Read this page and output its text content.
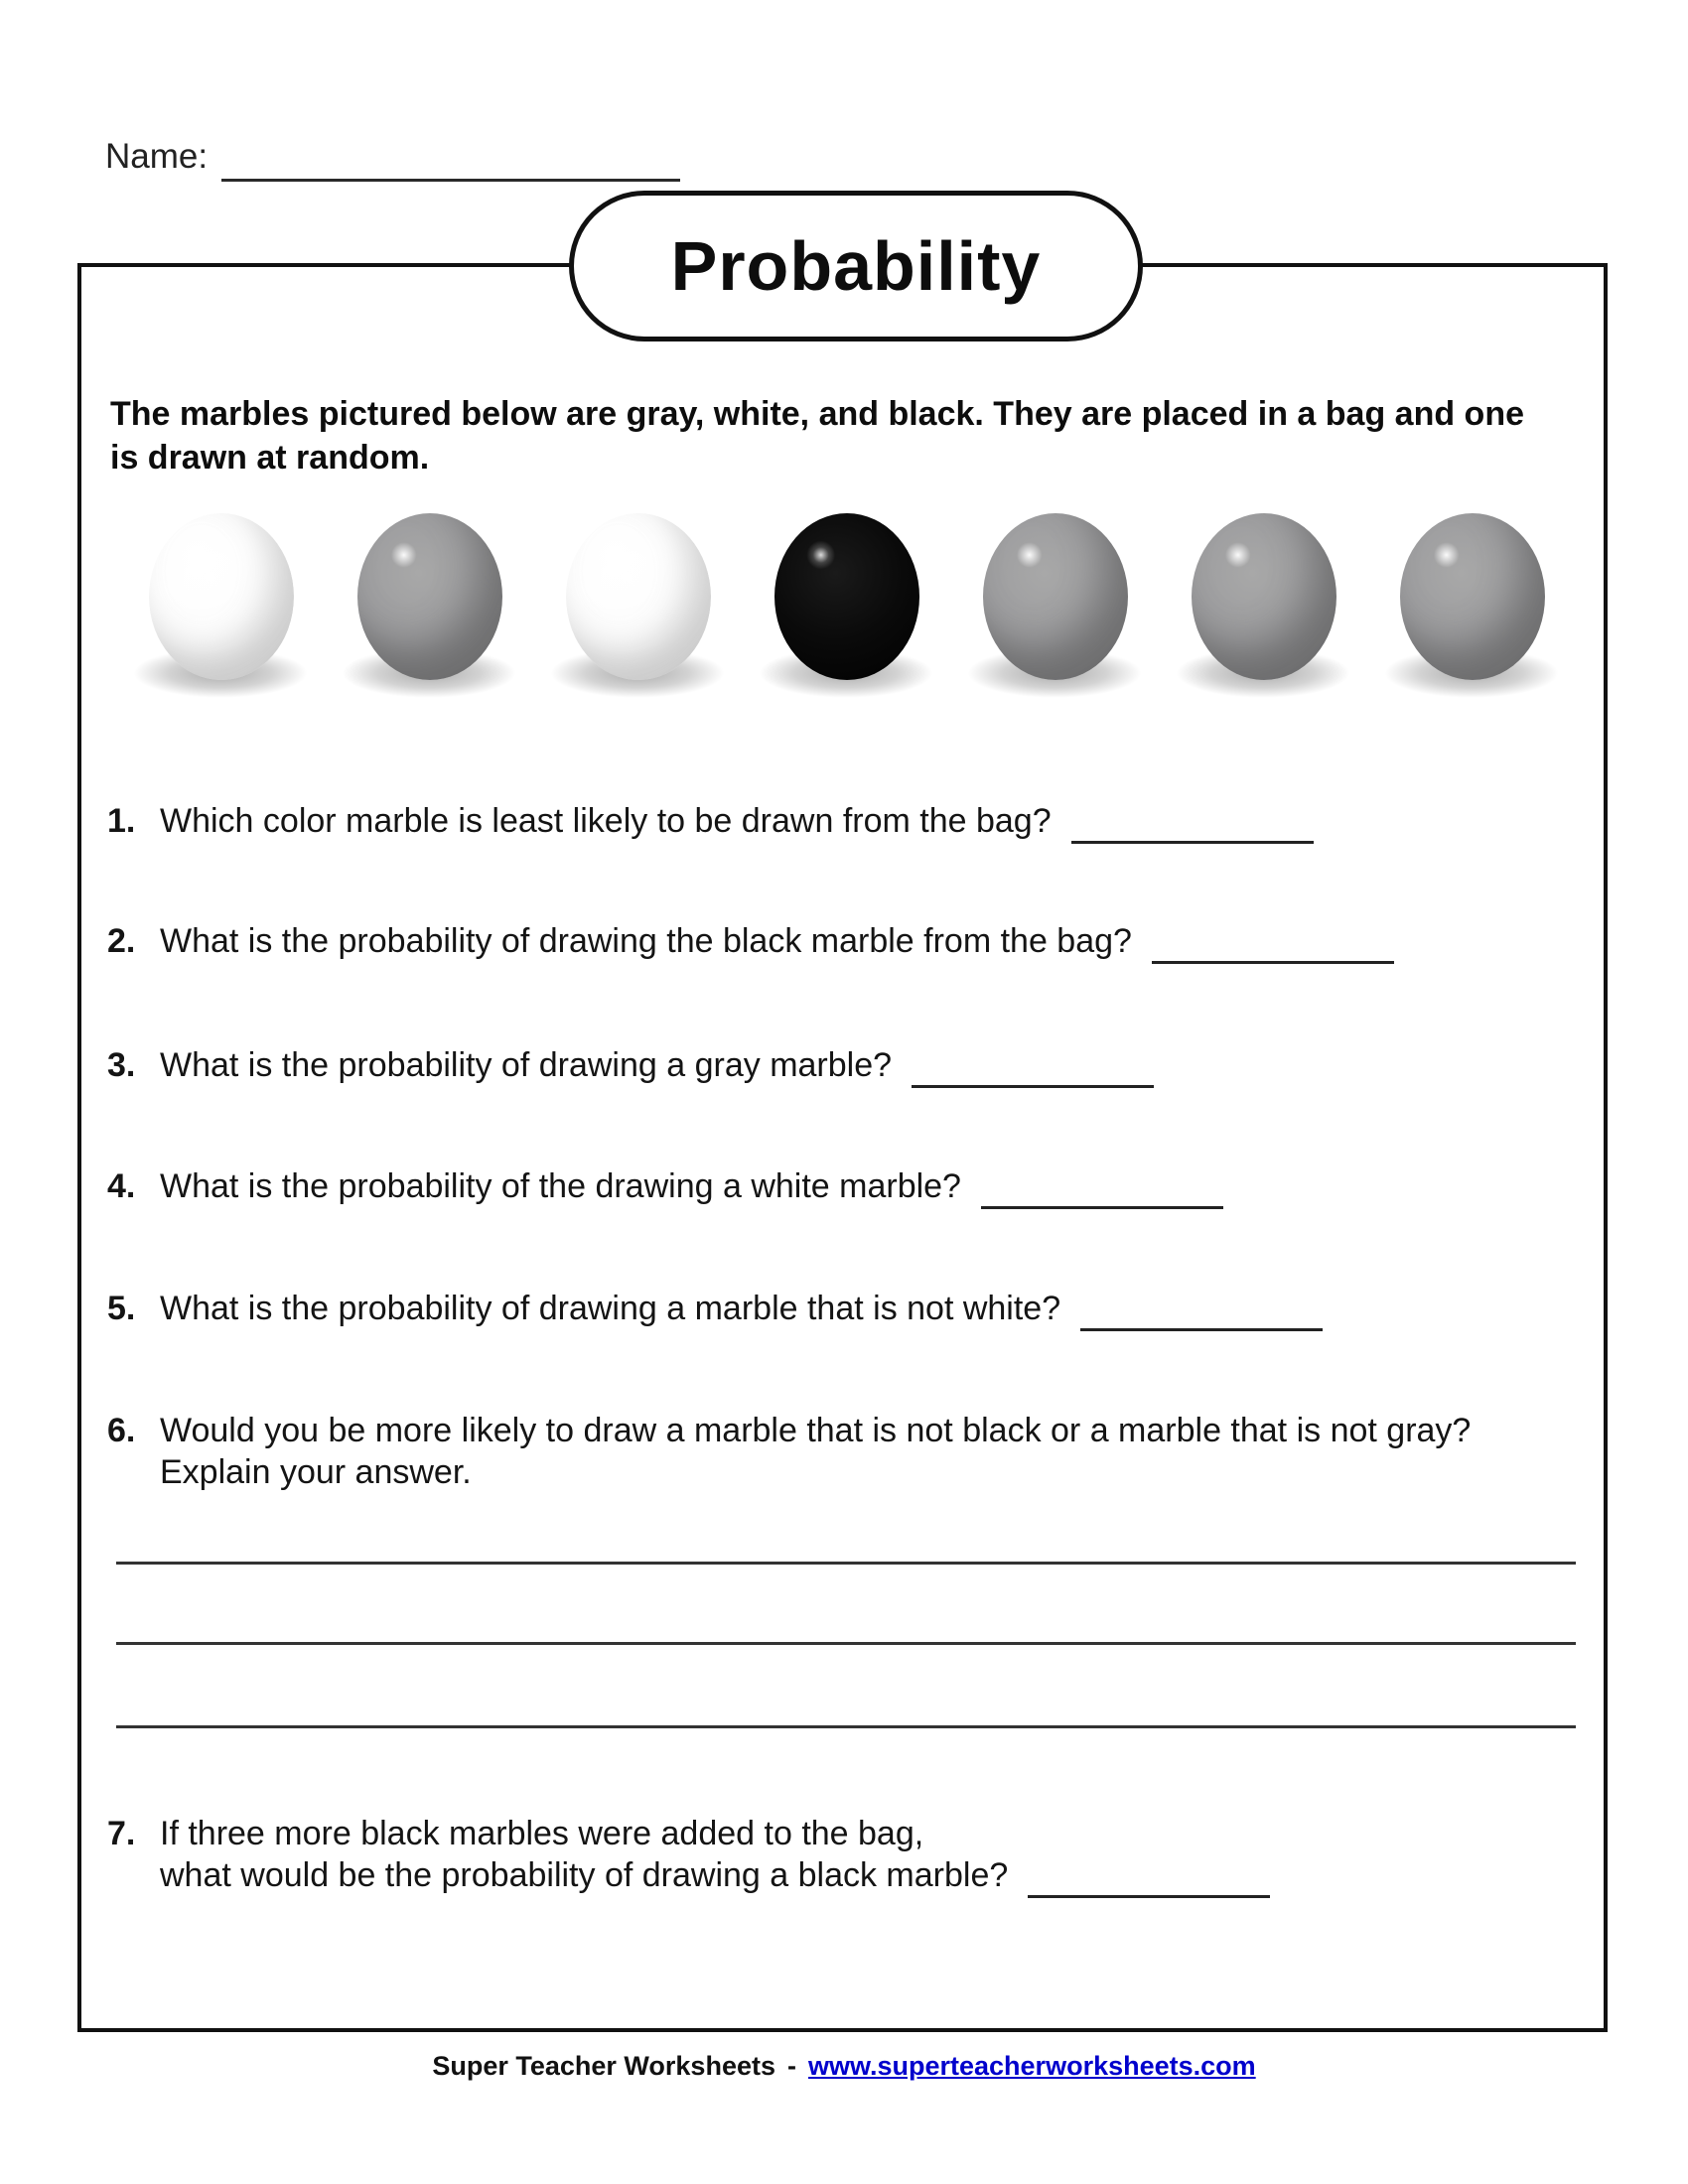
Name:
Probability
The marbles pictured below are gray, white, and black. They are placed in a bag and one
is drawn at random.
1. Which color marble is least likely to be drawn from the bag?
2. What is the probability of drawing the black marble from the bag?
3. What is the probability of drawing a gray marble?
4. What is the probability of the drawing a white marble?
5. What is the probability of drawing a marble that is not white?
6. Would you be more likely to draw a marble that is not black or a marble that is not gray?
Explain your answer.
7. If three more black marbles were added to the bag,
what would be the probability of drawing a black marble?
Super Teacher Worksheets - www.superteacherworksheets.com
